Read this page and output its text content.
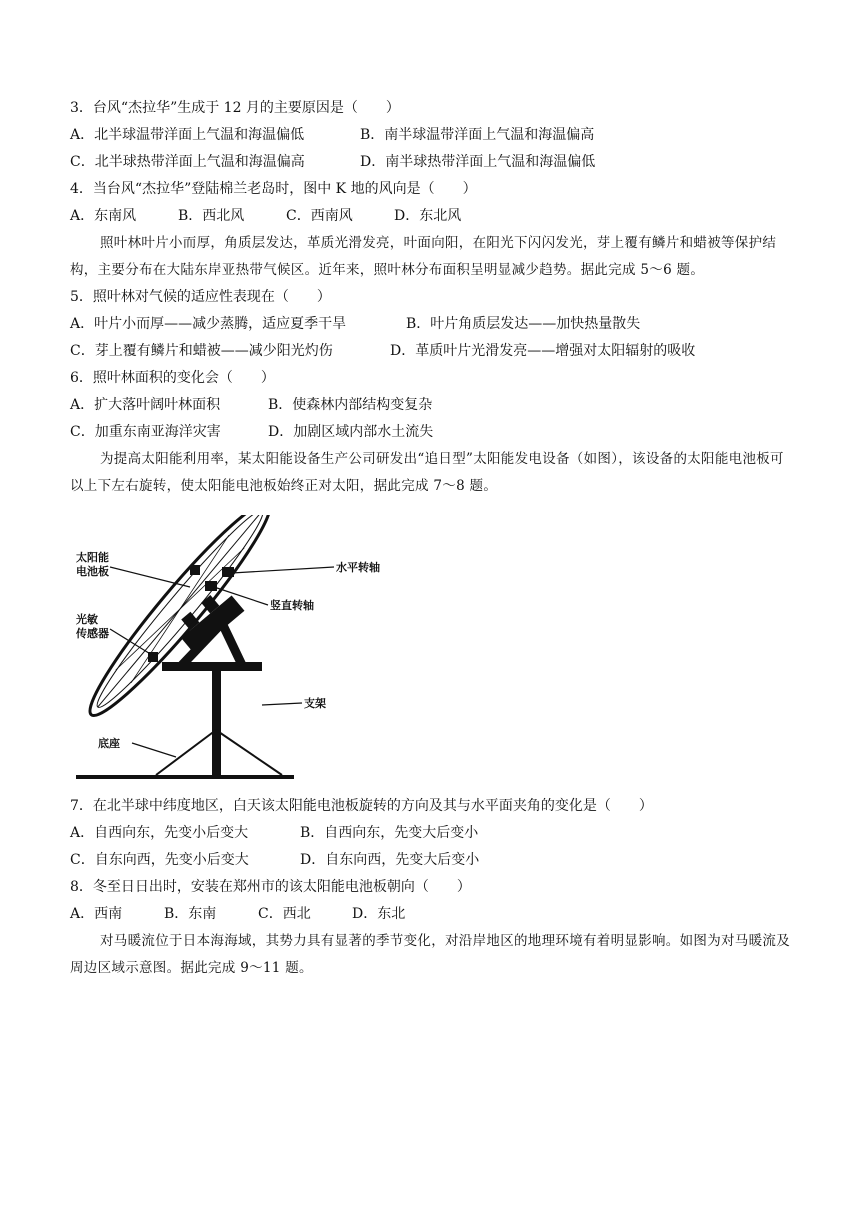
3．台风“杰拉华”生成于 12 月的主要原因是（　　）
A．北半球温带洋面上气温和海温偏低	B．南半球温带洋面上气温和海温偏高
C．北半球热带洋面上气温和海温偏高	D．南半球热带洋面上气温和海温偏低
4．当台风“杰拉华”登陆棉兰老岛时，图中 K 地的风向是（　　）
A．东南风	B．西北风	C．西南风	D．东北风
照叶林叶片小而厚，角质层发达，革质光滑发亮，叶面向阳，在阳光下闪闪发光，芽上覆有鳞片和蜡被等保护结构，主要分布在大陆东岸亚热带气候区。近年来，照叶林分布面积呈明显减少趋势。据此完成 5～6 题。
5．照叶林对气候的适应性表现在（　　）
A．叶片小而厚——减少蒸腾，适应夏季干旱	B．叶片角质层发达——加快热量散失
C．芽上覆有鳞片和蜡被——减少阳光灼伤	D．革质叶片光滑发亮——增强对太阳辐射的吸收
6．照叶林面积的变化会（　　）
A．扩大落叶阔叶林面积	B．使森林内部结构变复杂
C．加重东南亚海洋灾害	D．加剧区域内部水土流失
为提高太阳能利用率，某太阳能设备生产公司研发出“追日型”太阳能发电设备（如图），该设备的太阳能电池板可以上下左右旋转，使太阳能电池板始终正对太阳，据此完成 7～8 题。
太阳能
电池板
光敏
传感器
水平转轴
竖直转轴
支架
底座
7．在北半球中纬度地区，白天该太阳能电池板旋转的方向及其与水平面夹角的变化是（　　）
A．自西向东，先变小后变大	B．自西向东，先变大后变小
C．自东向西，先变小后变大	D．自东向西，先变大后变小
8．冬至日日出时，安装在郑州市的该太阳能电池板朝向（　　）
A．西南	B．东南	C．西北	D．东北
对马暖流位于日本海海域，其势力具有显著的季节变化，对沿岸地区的地理环境有着明显影响。如图为对马暖流及周边区域示意图。据此完成 9～11 题。
